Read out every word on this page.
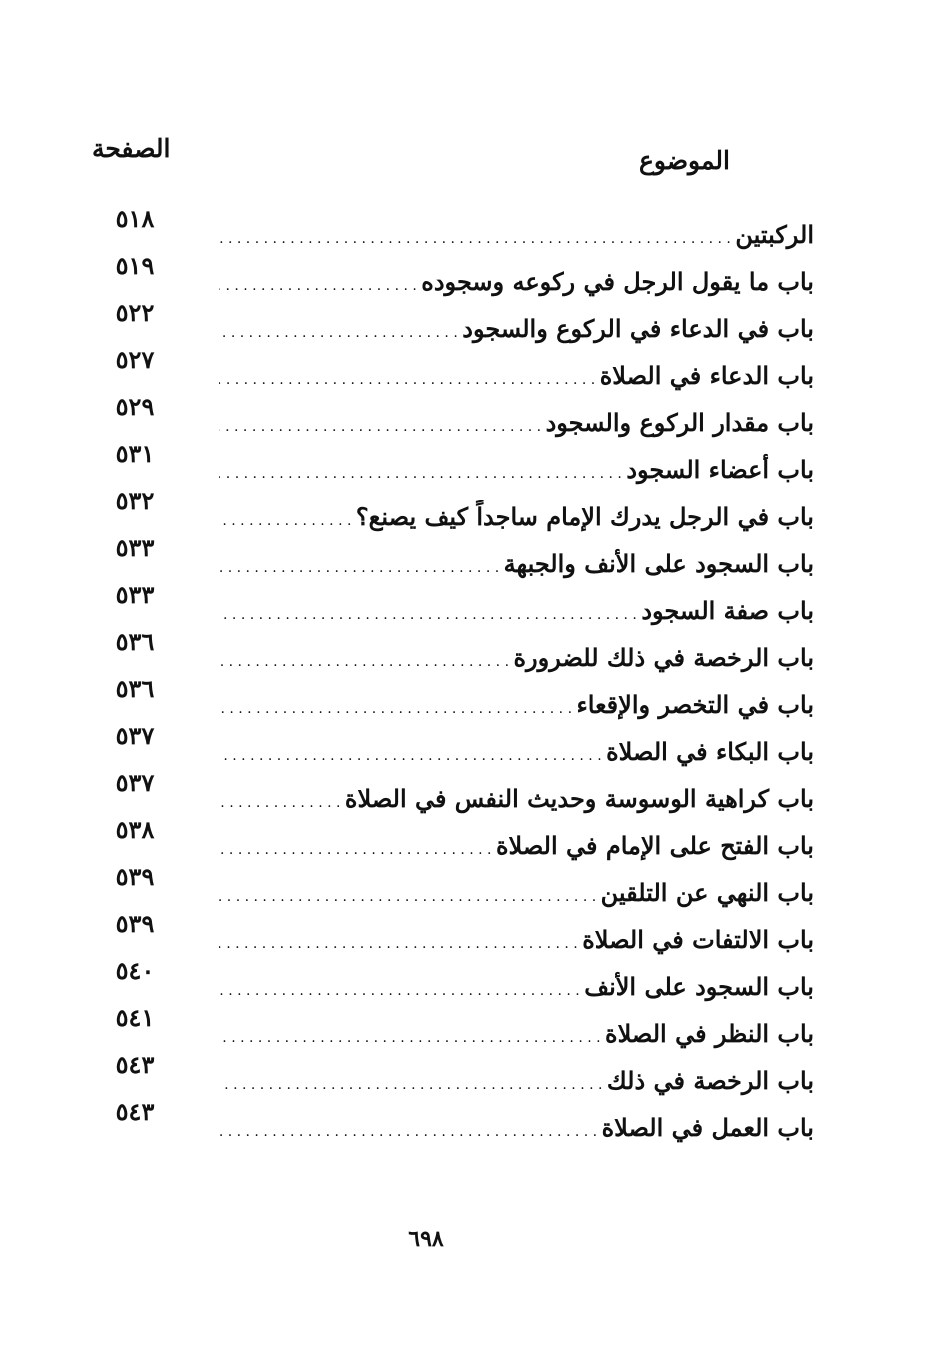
الموضوع
الصفحة
٥١٨
الركبتين . . .
٥١٩
باب ما يقول الرجل في ركوعه وسجوده . . .
٥٢٢
باب في الدعاء في الركوع والسجود . . .
٥٢٧
باب الدعاء في الصلاة . . .
٥٢٩
باب مقدار الركوع والسجود . . .
٥٣١
باب أعضاء السجود . . .
٥٣٢
باب في الرجل يدرك الإمام ساجداً كيف يصنع؟ . . .
٥٣٣
باب السجود على الأنف والجبهة . . .
٥٣٣
باب صفة السجود . . .
٥٣٦
باب الرخصة في ذلك للضرورة . . .
٥٣٦
باب في التخصر والإقعاء . . .
٥٣٧
باب البكاء في الصلاة . . .
٥٣٧
باب كراهية الوسوسة وحديث النفس في الصلاة . . .
٥٣٨
باب الفتح على الإمام في الصلاة . . .
٥٣٩
باب النهي عن التلقين . . .
٥٣٩
باب الالتفات في الصلاة . . .
٥٤٠
باب السجود على الأنف . . .
٥٤١
باب النظر في الصلاة . . .
٥٤٣
باب الرخصة في ذلك . . .
٥٤٣
باب العمل في الصلاة . . .
٦٩٨
